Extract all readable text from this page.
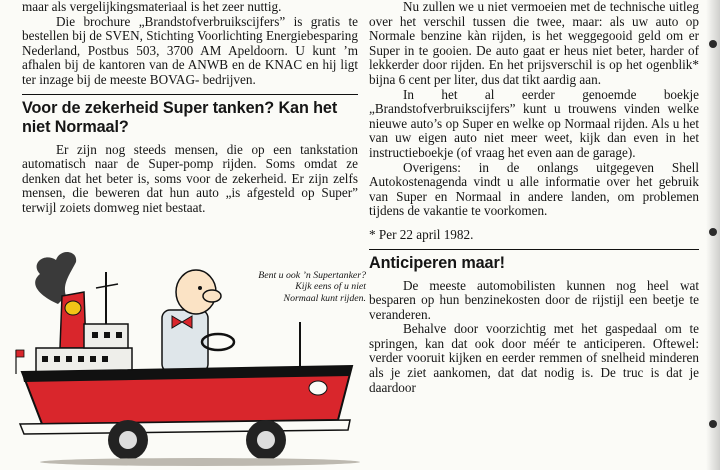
maar als vergelijkingsmateriaal is het zeer nuttig.

Die brochure „Brandstofverbruikscijfers” is gratis te bestellen bij de SVEN, Stichting Voorlichting Energiebesparing Nederland, Postbus 503, 3700 AM Apeldoorn. U kunt ’m afhalen bij de kantoren van de ANWB en de KNAC en hij ligt ter inzage bij de meeste BOVAG- bedrijven.

Voor de zekerheid Super tanken? Kan het niet Normaal?

Er zijn nog steeds mensen, die op een tankstation automatisch naar de Super-pomp rijden. Soms omdat ze denken dat het beter is, soms voor de zekerheid. Er zijn zelfs mensen, die beweren dat hun auto „is afgesteld op Super” terwijl zoiets domweg niet bestaat.

Bent u ook ’n Supertanker? Kijk eens of u niet Normaal kunt rijden.

Nu zullen we u niet vermoeien met de technische uitleg over het verschil tussen die twee, maar: als uw auto op Normale benzine kàn rijden, is het weggegooid geld om er Super in te gooien. De auto gaat er heus niet beter, harder of lekkerder door rijden. En het prijsverschil is op het ogenblik* bijna 6 cent per liter, dus dat tikt aardig aan.

In het al eerder genoemde boekje „Brandstofverbruikscijfers” kunt u trouwens vinden welke nieuwe auto’s op Super en welke op Normaal rijden. Als u het van uw eigen auto niet meer weet, kijk dan even in het instructieboekje (of vraag het even aan de garage).

Overigens: in de onlangs uitgegeven Shell Autokostenagenda vindt u alle informatie over het gebruik van Super en Normaal in andere landen, om problemen tijdens de vakantie te voorkomen.

* Per 22 april 1982.

Anticiperen maar!

De meeste automobilisten kunnen nog heel wat besparen op hun benzinekosten door de rijstijl een beetje te veranderen.

Behalve door voorzichtig met het gaspedaal om te springen, kan dat ook door méér te anticiperen. Oftewel: verder vooruit kijken en eerder remmen of snelheid minderen als je ziet aankomen, dat dat nodig is. De truc is dat je daardoor
